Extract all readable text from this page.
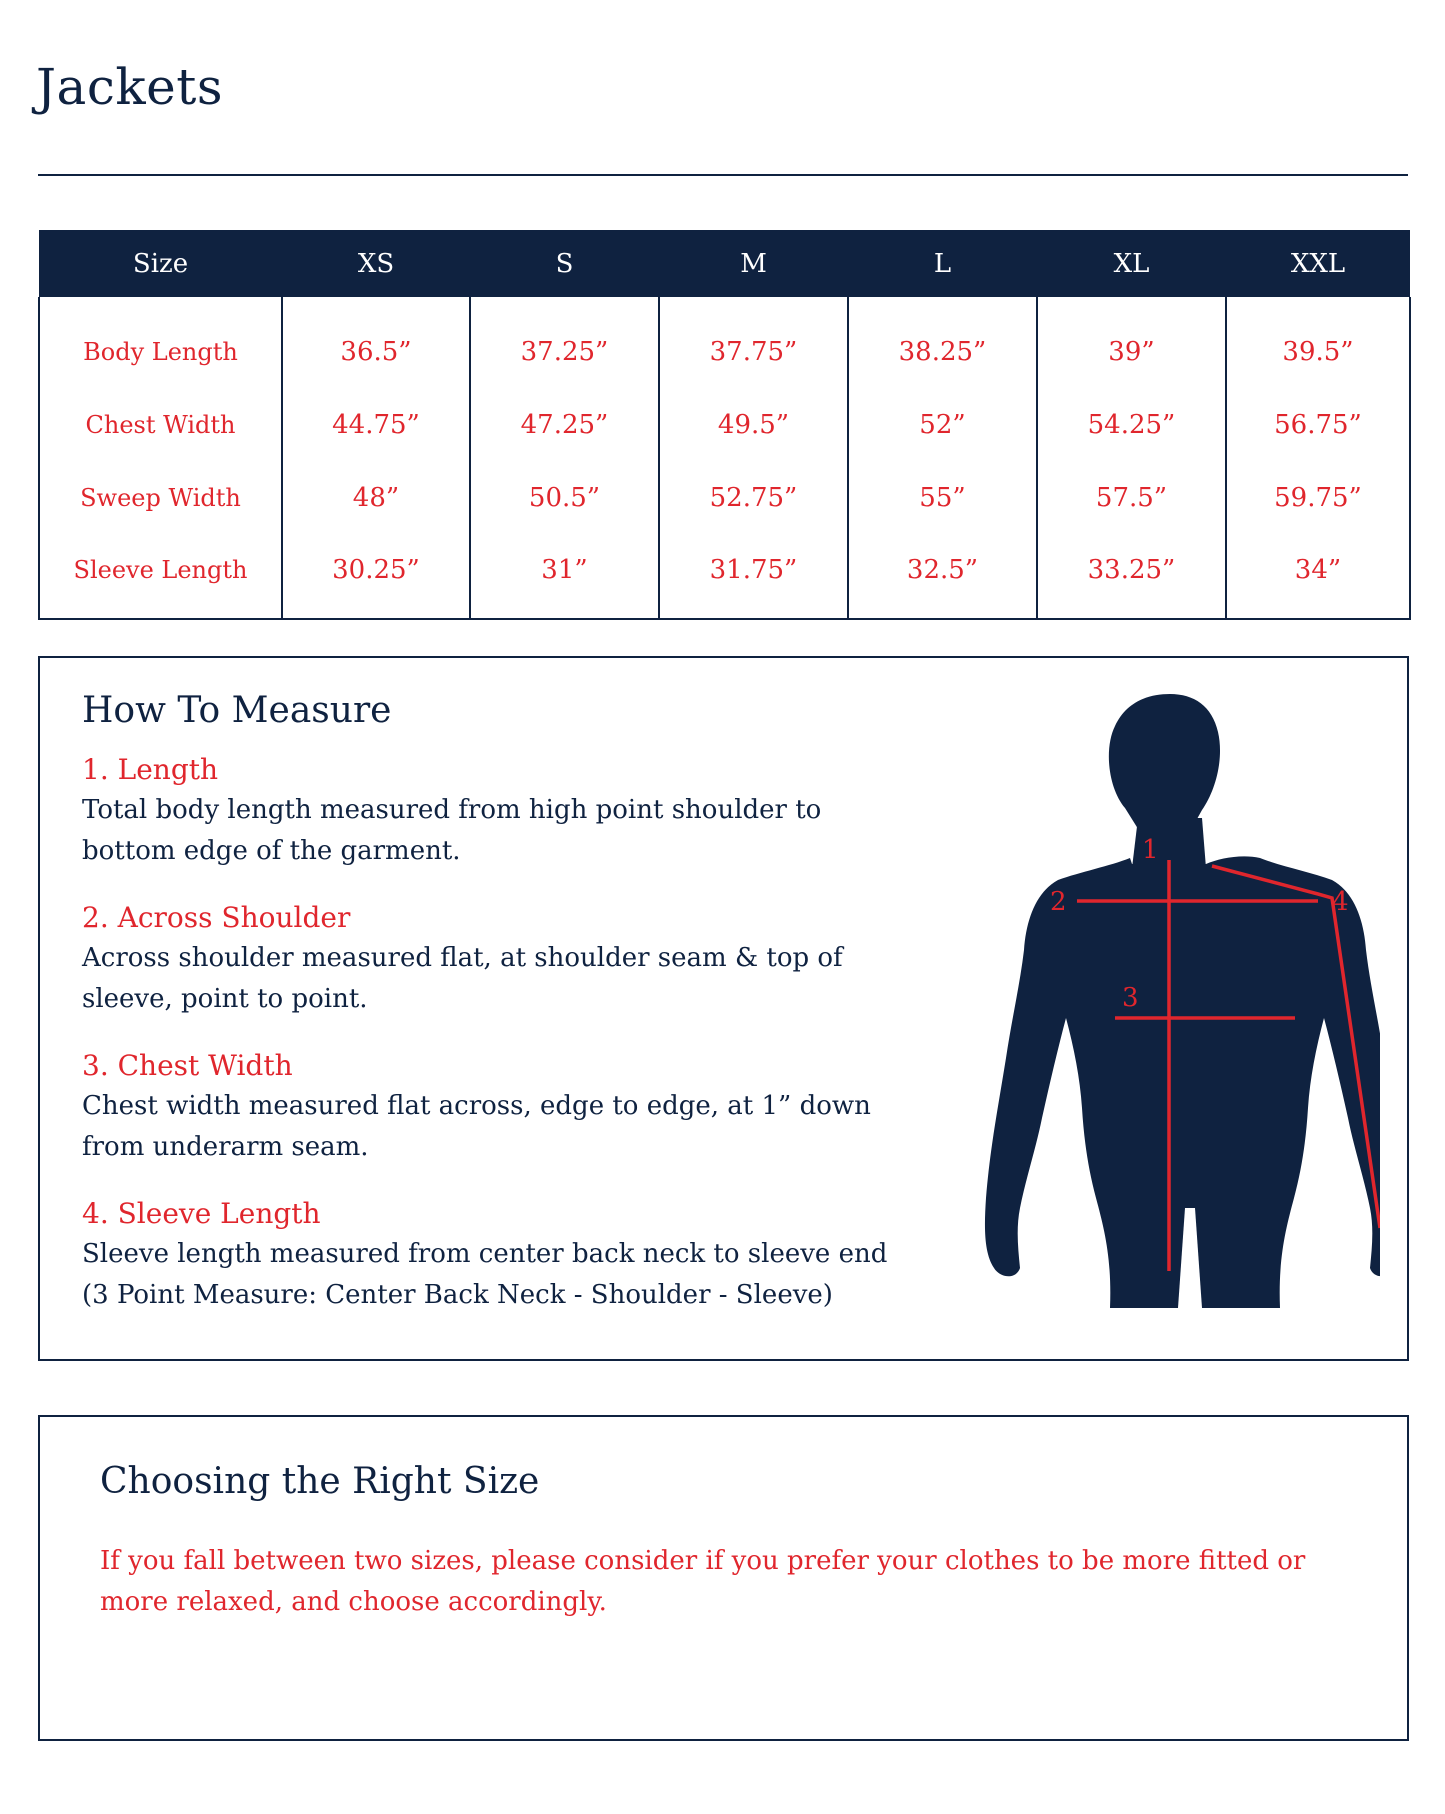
Jackets
Size	XS	S	M	L	XL	XXL
Body Length	36.5”	37.25”	37.75”	38.25”	39”	39.5”
Chest Width	44.75”	47.25”	49.5”	52”	54.25”	56.75”
Sweep Width	48”	50.5”	52.75”	55”	57.5”	59.75”
Sleeve Length	30.25”	31”	31.75”	32.5”	33.25”	34”
How To Measure
1. Length
Total body length measured from high point shoulder to bottom edge of the garment.
2. Across Shoulder
Across shoulder measured flat, at shoulder seam & top of sleeve, point to point.
3. Chest Width
Chest width measured flat across, edge to edge, at 1” down from underarm seam.
4. Sleeve Length
Sleeve length measured from center back neck to sleeve end (3 Point Measure: Center Back Neck - Shoulder - Sleeve)
1
2
3
4
Choosing the Right Size

If you fall between two sizes, please consider if you prefer your clothes to be more fitted or more relaxed, and choose accordingly.
